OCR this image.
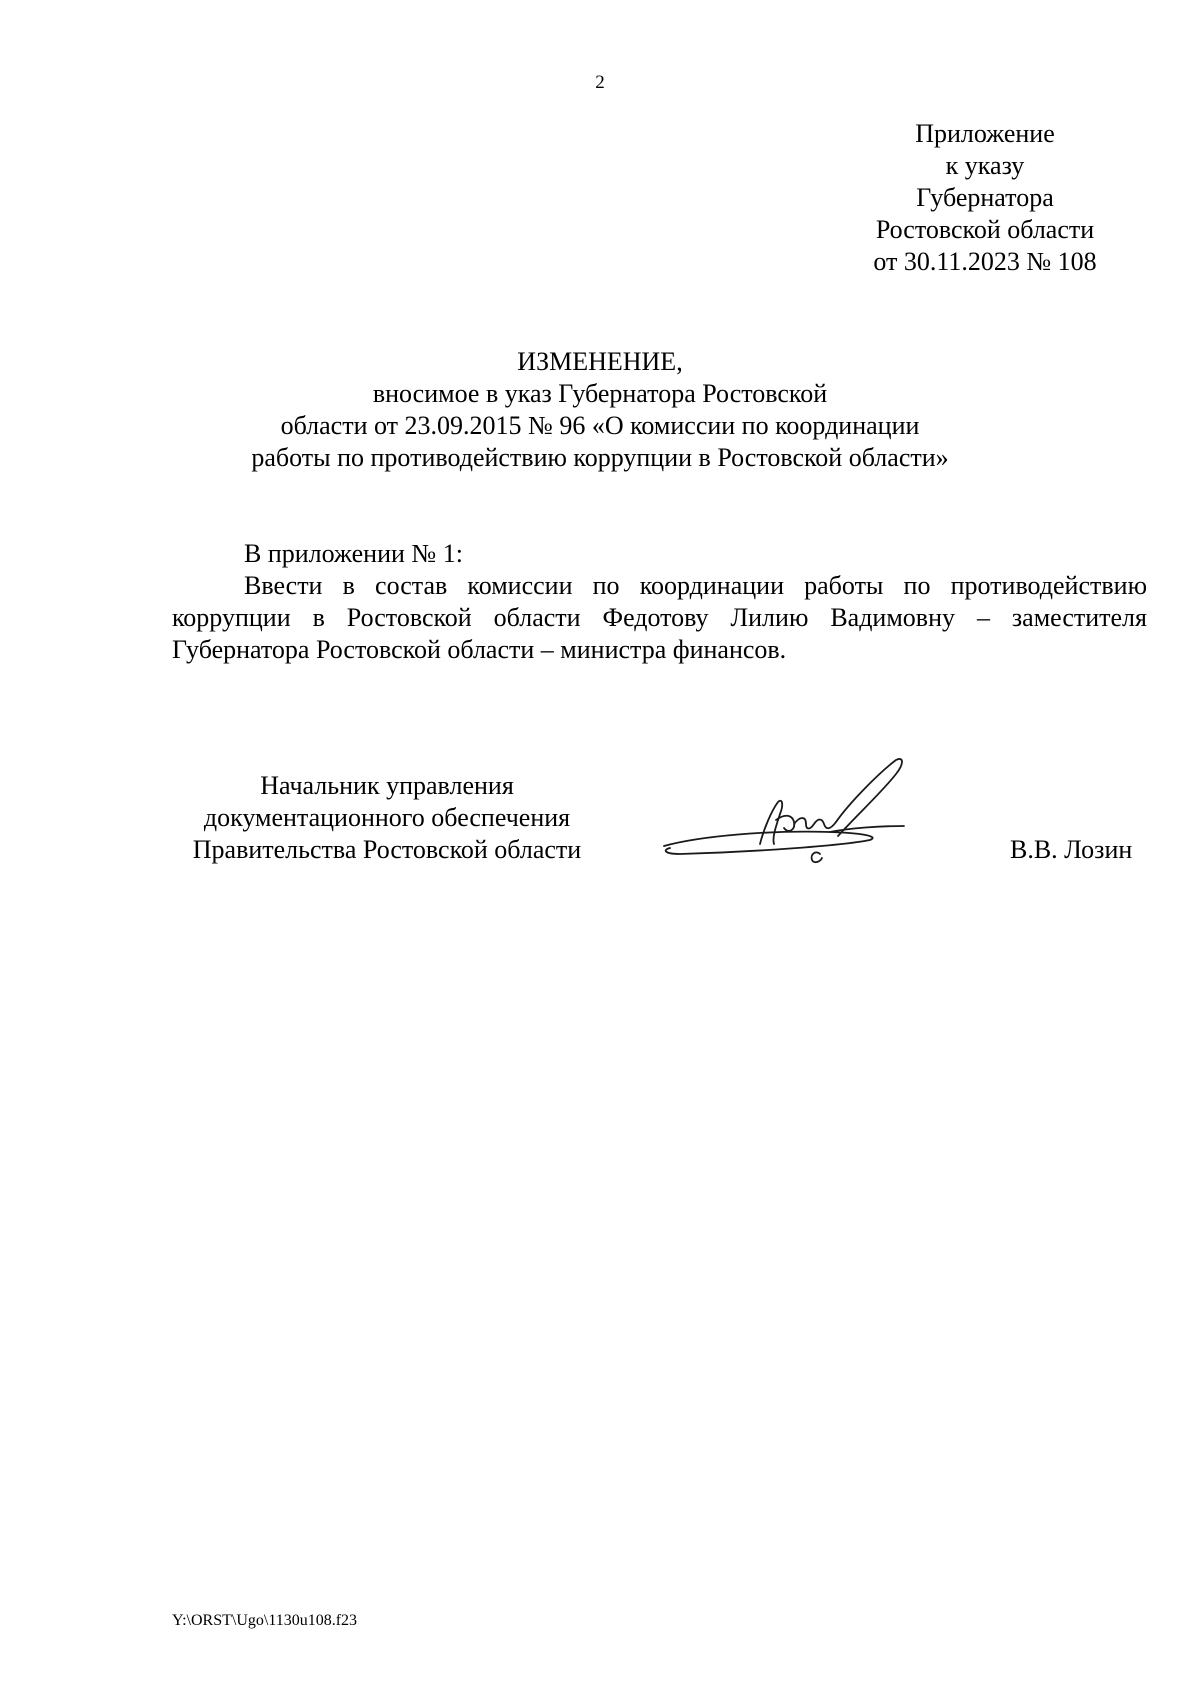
2
Приложение
к указу
Губернатора
Ростовской области
от 30.11.2023 № 108
ИЗМЕНЕНИЕ,
вносимое в указ Губернатора Ростовской
области от 23.09.2015 № 96 «О комиссии по координации
работы по противодействию коррупции в Ростовской области»
В приложении № 1:
Ввести в состав комиссии по координации работы по противодействию коррупции в Ростовской области Федотову Лилию Вадимовну – заместителя Губернатора Ростовской области – министра финансов.
Начальник управления
документационного обеспечения
Правительства Ростовской области	В.В. Лозин
Y:\ORST\Ugo\1130u108.f23
